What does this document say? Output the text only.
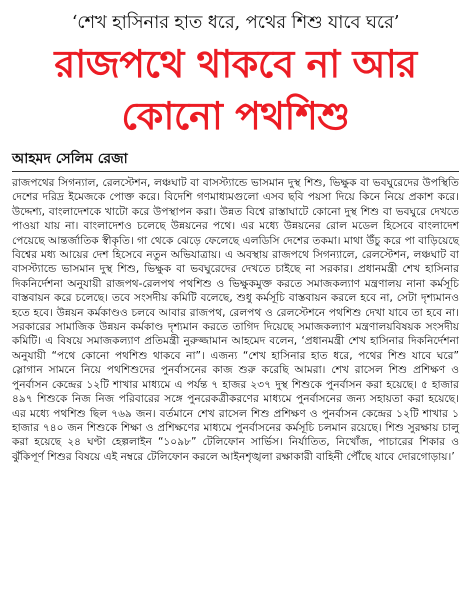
‘শেখ হাসিনার হাত ধরে, পথের শিশু যাবে ঘরে’
রাজপথে থাকবে না আর
কোনো পথশিশু
আহমদ সেলিম রেজা

রাজপথের সিগন্যাল, রেলস্টেশন, লঞ্চঘাট বা বাসস্ট্যান্ডে ভাসমান দুস্থ শিশু, ভিক্ষুক বা ভবঘুরেদের উপস্থিতি দেশের দরিদ্র ইমেজকে পোক্ত করে। বিদেশি গণমাধ্যমগুলো এসব ছবি পয়সা দিয়ে কিনে নিয়ে প্রকাশ করে। উদ্দেশ্য, বাংলাদেশকে খাটো করে উপস্থাপন করা। উন্নত বিশ্বে রাস্তাঘাটে কোনো দুস্থ শিশু বা ভবঘুরে দেখতে পাওয়া যায় না। বাংলাদেশও চলেছে উন্নয়নের পথে। এর মধ্যে উন্নয়নের রোল মডেল হিসেবে বাংলাদেশ পেয়েছে আন্তর্জাতিক স্বীকৃতি। গা থেকে ঝেড়ে ফেলেছে এলডিসি দেশের তকমা। মাথা উঁচু করে পা বাড়িয়েছে বিশ্বের মধ্য আয়ের দেশ হিসেবে নতুন অভিযাত্রায়। এ অবস্থায় রাজপথে সিগন্যালে, রেলস্টেশন, লঞ্চঘাট বা বাসস্ট্যান্ডে ভাসমান দুস্থ শিশু, ভিক্ষুক বা ভবঘুরেদের দেখতে চাইছে না সরকার। প্রধানমন্ত্রী শেখ হাসিনার দিকনির্দেশনা অনুযায়ী রাজপথ-রেলপথ পথশিশু ও ভিক্ষুকমুক্ত করতে সমাজকল্যাণ মন্ত্রণালয় নানা কর্মসূচি বাস্তবায়ন করে চলেছে। তবে সংসদীয় কমিটি বলেছে, শুধু কর্মসূচি বাস্তবায়ন করলে হবে না, সেটা দৃশ্যমানও হতে হবে। উন্নয়ন কর্মকাণ্ডও চলবে আবার রাজপথ, রেলপথ ও রেলস্টেশনে পথশিশু দেখা যাবে তা হবে না। সরকারের সামাজিক উন্নয়ন কর্মকাণ্ড দৃশ্যমান করতে তাগিদ দিয়েছে সমাজকল্যাণ মন্ত্রণালয়বিষয়ক সংসদীয় কমিটি। এ বিষয়ে সমাজকল্যাণ প্রতিমন্ত্রী নুরুজ্জামান আহমেদ বলেন, ‘প্রধানমন্ত্রী শেখ হাসিনার দিকনির্দেশনা অনুযায়ী “পথে কোনো পথশিশু থাকবে না”। এজন্য “শেখ হাসিনার হাত ধরে, পথের শিশু যাবে ঘরে” স্লোগান সামনে নিয়ে পথশিশুদের পুনর্বাসনের কাজ শুরু করেছি আমরা। শেখ রাসেল শিশু প্রশিক্ষণ ও পুনর্বাসন কেন্দ্রের ১২টি শাখার মাধ্যমে এ পর্যন্ত ৭ হাজর ২৩৭ দুস্থ শিশুকে পুনর্বাসন করা হয়েছে। ৫ হাজার ৪৯৭ শিশুকে নিজ নিজ পরিবারের সঙ্গে পুনরেকত্রীকরণের মাধ্যমে পুনর্বাসনের জন্য সহায়তা করা হয়েছে। এর মধ্যে পথশিশু ছিল ৭৬৯ জন। বর্তমানে শেখ রাসেল শিশু প্রশিক্ষণ ও পুনর্বাসন কেন্দ্রের ১২টি শাখার ১ হাজার ৭৪০ জন শিশুকে শিক্ষা ও প্রশিক্ষণের মাধ্যমে পুনর্বাসনের কর্মসূচি চলমান রয়েছে। শিশু সুরক্ষায় চালু করা হয়েছে ২৪ ঘণ্টা হেল্পলাইন “১০৯৮” টেলিফোন সার্ভিস। নির্যাতিত, নিখোঁজ, পাচারের শিকার ও ঝুঁকিপূর্ণ শিশুর বিষয়ে এই নম্বরে টেলিফোন করলে আইনশৃঙ্খলা রক্ষাকারী বাহিনী পৌঁছে যাবে দোরগোড়ায়।’
